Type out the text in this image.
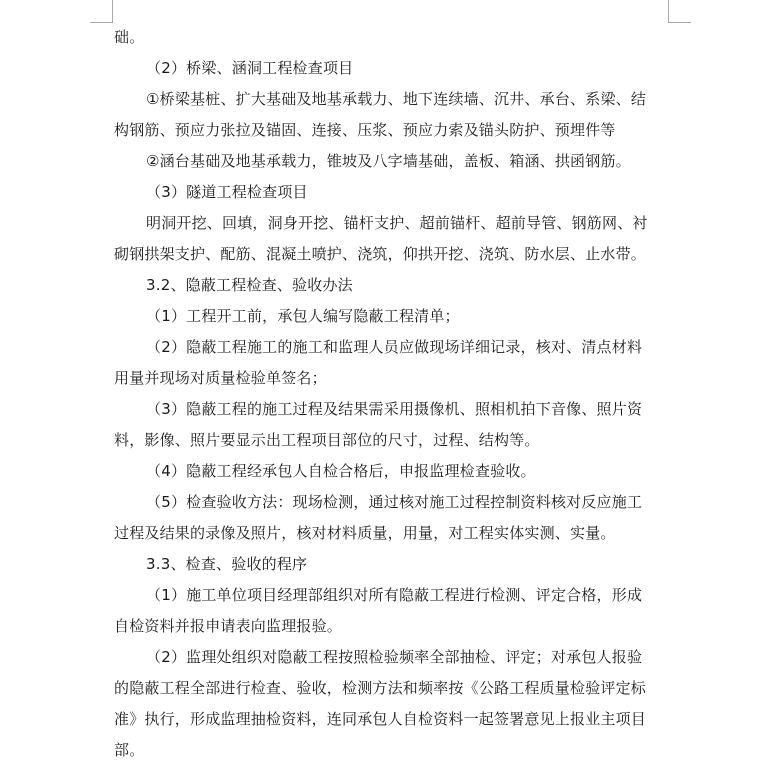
础。
（2）桥梁、涵洞工程检查项目
①桥梁基桩、扩大基础及地基承载力、地下连续墙、沉井、承台、系梁、结
构钢筋、预应力张拉及锚固、连接、压浆、预应力索及锚头防护、预埋件等
②涵台基础及地基承载力，锥坡及八字墙基础，盖板、箱涵、拱函钢筋。
（3）隧道工程检查项目
明洞开挖、回填，洞身开挖、锚杆支护、超前锚杆、超前导管、钢筋网、衬
砌钢拱架支护、配筋、混凝土喷护、浇筑，仰拱开挖、浇筑、防水层、止水带。
3.2、隐蔽工程检查、验收办法
（1）工程开工前，承包人编写隐蔽工程清单；
（2）隐蔽工程施工的施工和监理人员应做现场详细记录，核对、清点材料
用量并现场对质量检验单签名；
（3）隐蔽工程的施工过程及结果需采用摄像机、照相机拍下音像、照片资
料，影像、照片要显示出工程项目部位的尺寸，过程、结构等。
（4）隐蔽工程经承包人自检合格后，申报监理检查验收。
（5）检查验收方法：现场检测，通过核对施工过程控制资料核对反应施工
过程及结果的录像及照片，核对材料质量，用量，对工程实体实测、实量。
3.3、检查、验收的程序
（1）施工单位项目经理部组织对所有隐蔽工程进行检测、评定合格，形成
自检资料并报申请表向监理报验。
（2）监理处组织对隐蔽工程按照检验频率全部抽检、评定；对承包人报验
的隐蔽工程全部进行检查、验收，检测方法和频率按《公路工程质量检验评定标
准》执行，形成监理抽检资料，连同承包人自检资料一起签署意见上报业主项目
部。
